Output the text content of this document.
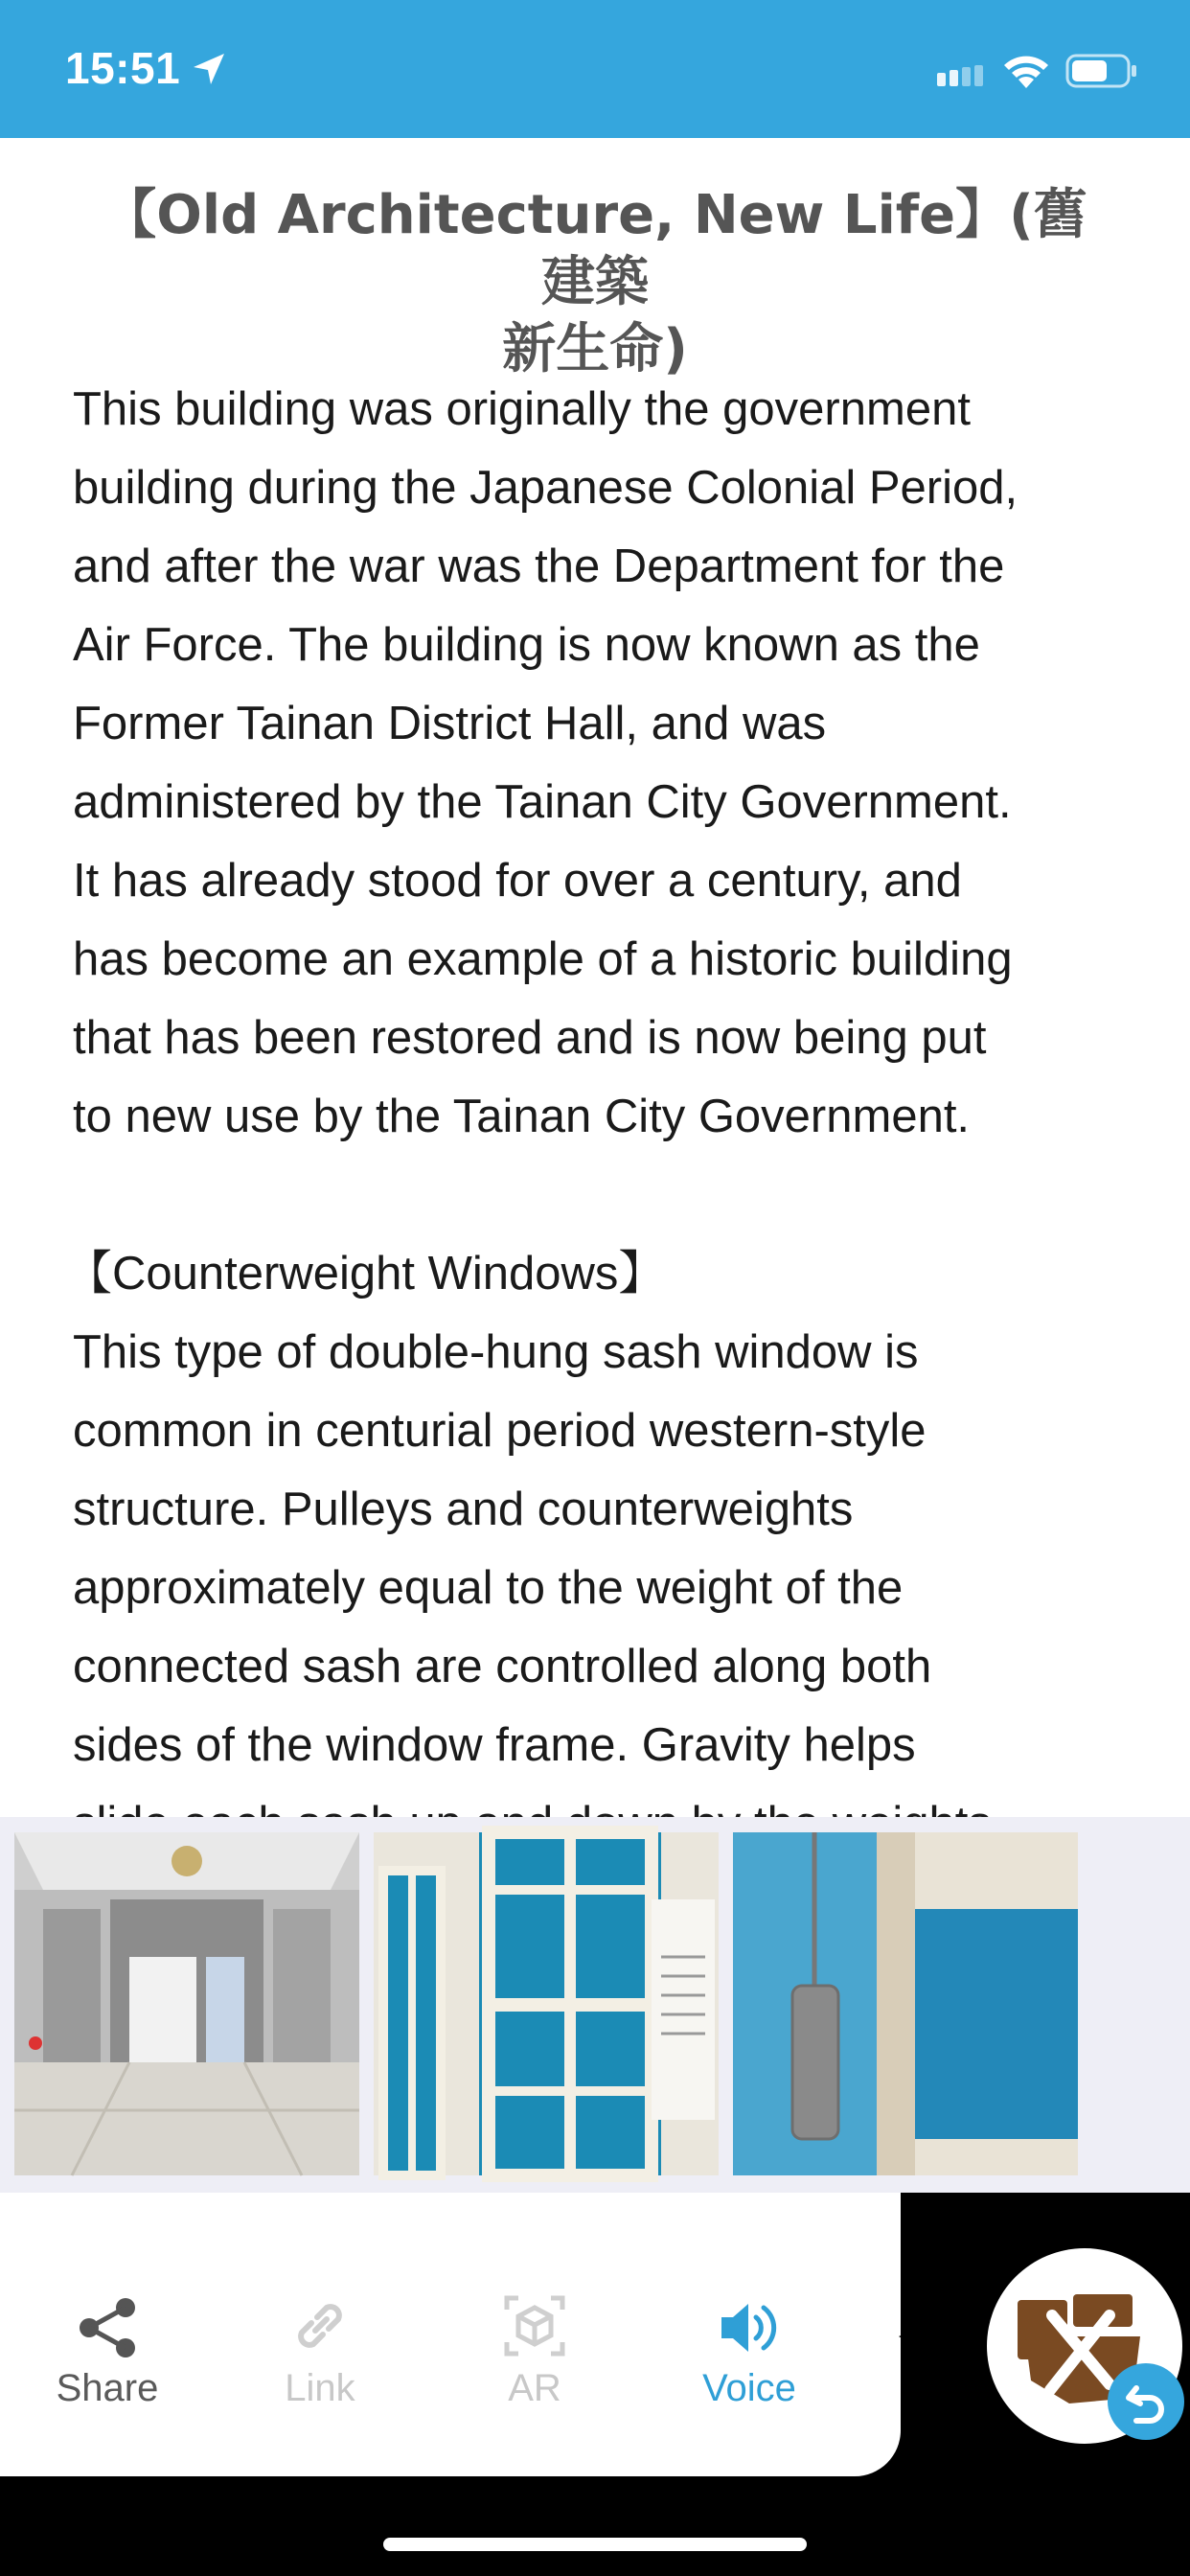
15:51
【Old Architecture, New Life】(舊建築
新生命)

This building was originally the government

building during the Japanese Colonial Period,

and after the war was the Department for the

Air Force. The building is now known as the

Former Tainan District Hall, and was

administered by the Tainan City Government.

It has already stood for over a century, and

has become an example of a historic building

that has been restored and is now being put

to new use by the Tainan City Government.

【Counterweight Windows】

This type of double-hung sash window is

common in centurial period western-style

structure. Pulleys and counterweights

approximately equal to the weight of the

connected sash are controlled along both

sides of the window frame. Gravity helps

Share	Link	AR	Voice
